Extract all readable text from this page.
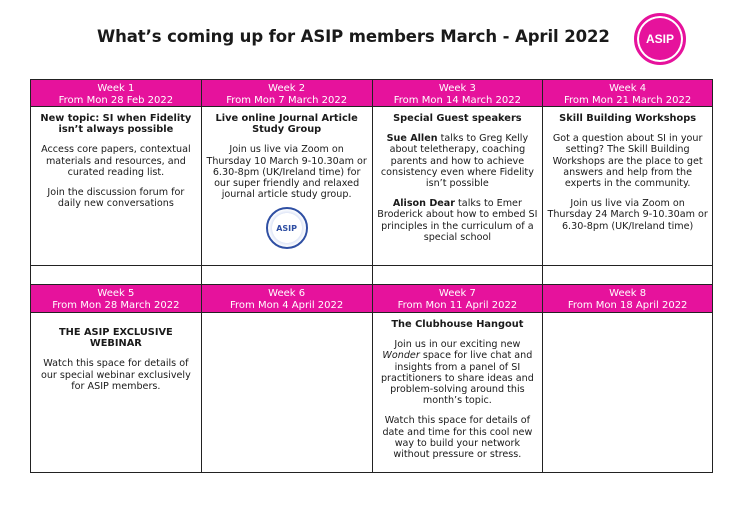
What’s coming up for ASIP members March - April 2022	ASIP
Week 1
From Mon 28 Feb 2022
Week 2
From Mon 7 March 2022
Week 3
From Mon 14 March 2022
Week 4
From Mon 21 March 2022

New topic: SI when Fidelity isn’t always possible

Access core papers, contextual materials and resources, and curated reading list.

Join the discussion forum for daily new conversations

Live online Journal Article Study Group

Join us live via Zoom on Thursday 10 March 9-10.30am or 6.30-8pm (UK/Ireland time) for our super friendly and relaxed journal article study group.

ASIP

Special Guest speakers

Sue Allen talks to Greg Kelly about teletherapy, coaching parents and how to achieve consistency even where Fidelity isn’t possible

Alison Dear talks to Emer Broderick about how to embed SI principles in the curriculum of a special school

Skill Building Workshops

Got a question about SI in your setting? The Skill Building Workshops are the place to get answers and help from the experts in the community.

Join us live via Zoom on Thursday 24 March 9-10.30am or 6.30-8pm (UK/Ireland time)

Week 5
From Mon 28 March 2022
Week 6
From Mon 4 April 2022
Week 7
From Mon 11 April 2022
Week 8
From Mon 18 April 2022

THE ASIP EXCLUSIVE WEBINAR

Watch this space for details of our special webinar exclusively for ASIP members.

The Clubhouse Hangout

Join us in our exciting new Wonder space for live chat and insights from a panel of SI practitioners to share ideas and problem-solving around this month’s topic.

Watch this space for details of date and time for this cool new way to build your network without pressure or stress.
